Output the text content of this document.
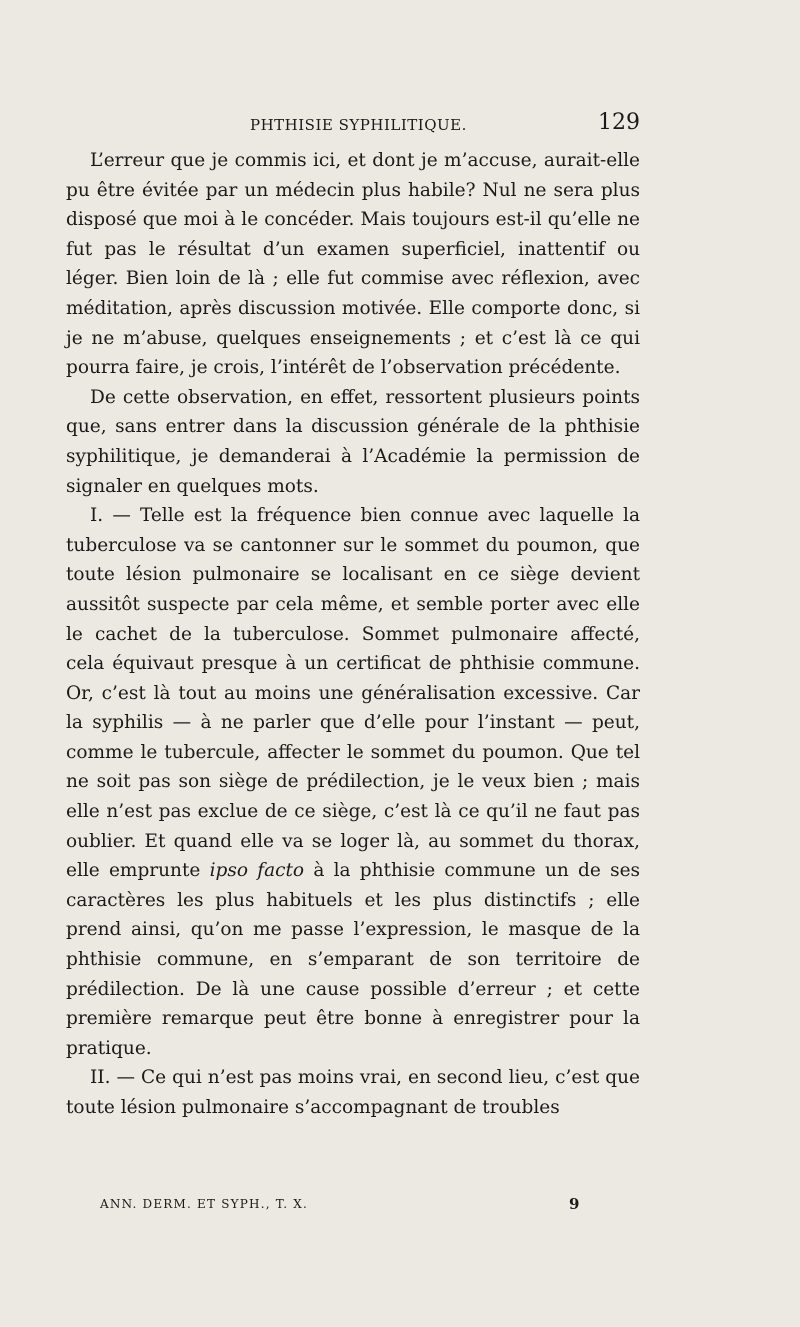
PHTHISIE SYPHILITIQUE.	129

L’erreur que je commis ici, et dont je m’accuse, aurait-elle pu être évitée par un médecin plus habile? Nul ne sera plus disposé que moi à le concéder. Mais toujours est-il qu’elle ne fut pas le résultat d’un examen superficiel, inattentif ou léger. Bien loin de là ; elle fut commise avec réflexion, avec méditation, après discussion motivée. Elle comporte donc, si je ne m’abuse, quelques enseignements ; et c’est là ce qui pourra faire, je crois, l’intérêt de l’observation précédente.

De cette observation, en effet, ressortent plusieurs points que, sans entrer dans la discussion générale de la phthisie syphilitique, je demanderai à l’Académie la permission de signaler en quelques mots.

I. — Telle est la fréquence bien connue avec laquelle la tuberculose va se cantonner sur le sommet du poumon, que toute lésion pulmonaire se localisant en ce siège devient aussitôt suspecte par cela même, et semble porter avec elle le cachet de la tuberculose. Sommet pulmonaire affecté, cela équivaut presque à un certificat de phthisie commune. Or, c’est là tout au moins une généralisation excessive. Car la syphilis — à ne parler que d’elle pour l’instant — peut, comme le tubercule, affecter le sommet du poumon. Que tel ne soit pas son siège de prédilection, je le veux bien ; mais elle n’est pas exclue de ce siège, c’est là ce qu’il ne faut pas oublier. Et quand elle va se loger là, au sommet du thorax, elle emprunte ipso facto à la phthisie commune un de ses caractères les plus habituels et les plus distinctifs ; elle prend ainsi, qu’on me passe l’expression, le masque de la phthisie commune, en s’emparant de son territoire de prédilection. De là une cause possible d’erreur ; et cette première remarque peut être bonne à enregistrer pour la pratique.

II. — Ce qui n’est pas moins vrai, en second lieu, c’est que toute lésion pulmonaire s’accompagnant de troubles

ANN. DERM. ET SYPH., T. X.	9
